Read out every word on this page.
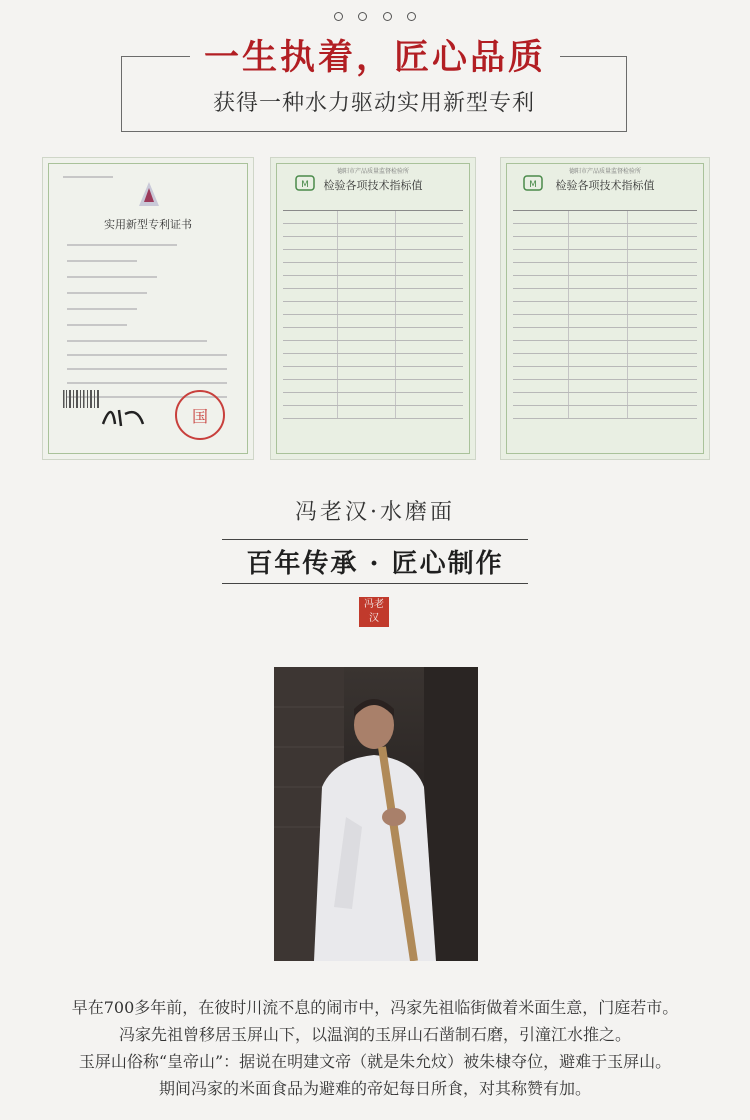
一生执着，匠心品质
获得一种水力驱动实用新型专利
实用新型专利证书
国
德阳市产品质量监督检验所
M	检验各项技术指标值
德阳市产品质量监督检验所
M	检验各项技术指标值
冯老汉·水磨面
百年传承 · 匠心制作
冯老汉
早在700多年前，在彼时川流不息的闹市中，冯家先祖临街做着米面生意，门庭若市。
冯家先祖曾移居玉屏山下，以温润的玉屏山石凿制石磨，引潼江水推之。
玉屏山俗称“皇帝山”：据说在明建文帝（就是朱允炆）被朱棣夺位，避难于玉屏山。
期间冯家的米面食品为避难的帝妃每日所食，对其称赞有加。
